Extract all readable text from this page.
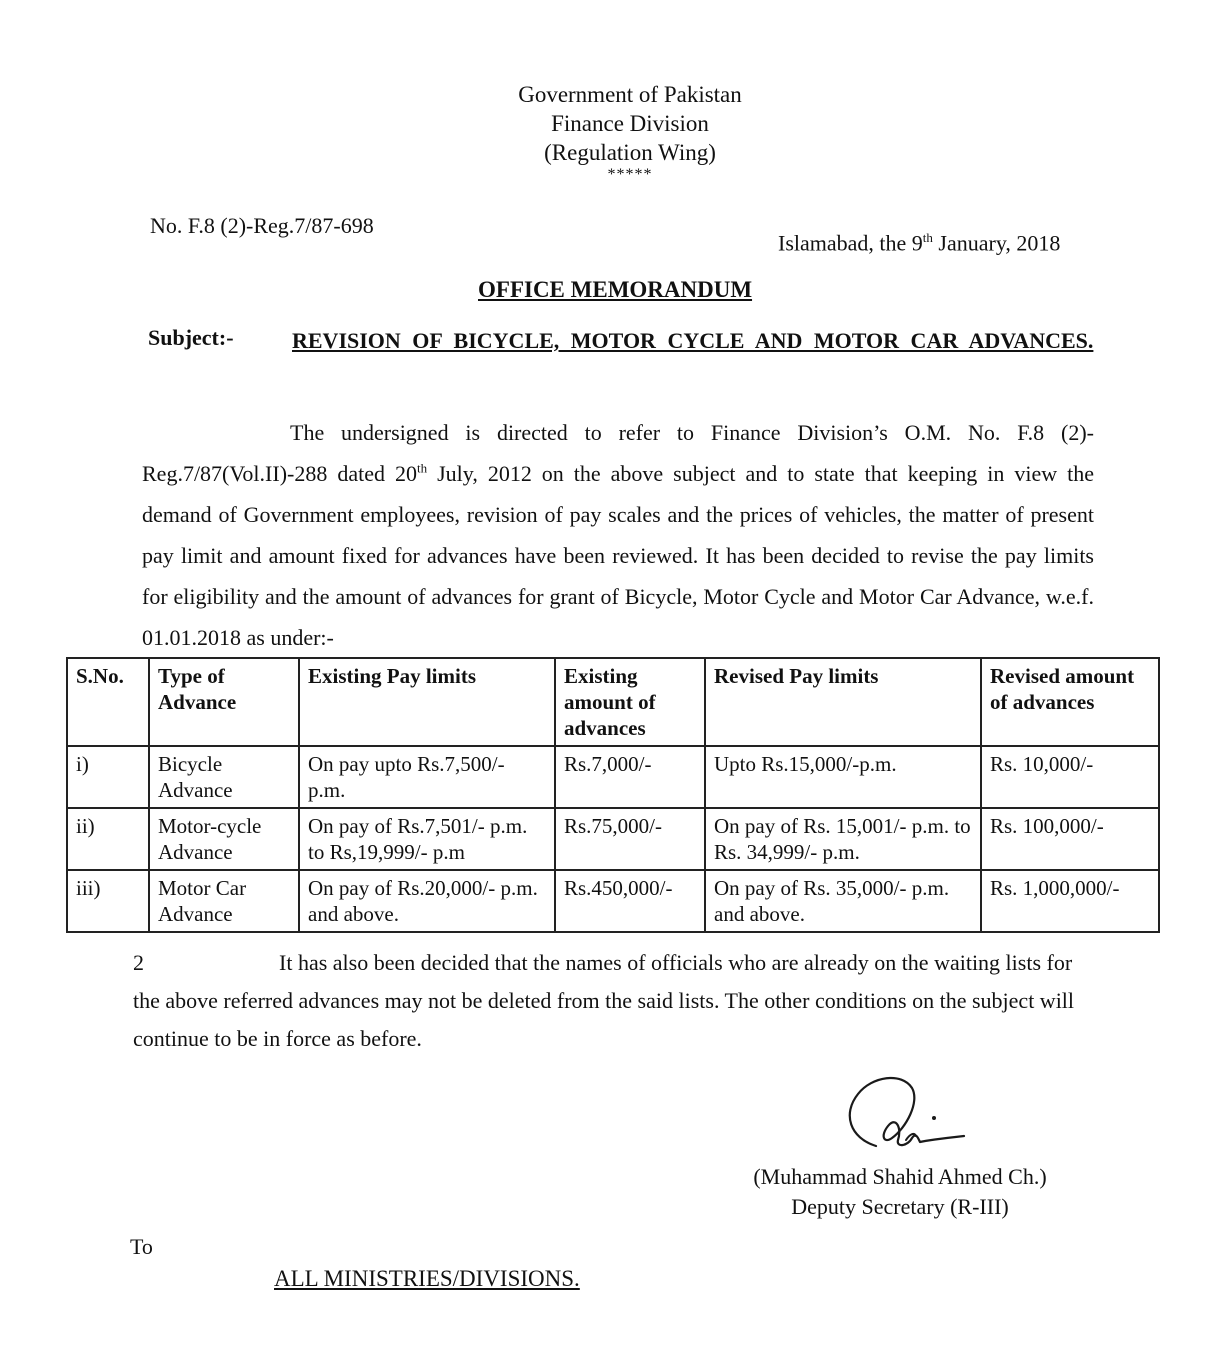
Government of Pakistan
Finance Division
(Regulation Wing)
*****
No. F.8 (2)-Reg.7/87-698
Islamabad, the 9th January, 2018
OFFICE MEMORANDUM
Subject:-	REVISION OF BICYCLE, MOTOR CYCLE AND MOTOR CAR ADVANCES.
The undersigned is directed to refer to Finance Division’s O.M. No. F.8 (2)-Reg.7/87(Vol.II)-288 dated 20th July, 2012 on the above subject and to state that keeping in view the demand of Government employees, revision of pay scales and the prices of vehicles, the matter of present pay limit and amount fixed for advances have been reviewed. It has been decided to revise the pay limits for eligibility and the amount of advances for grant of Bicycle, Motor Cycle and Motor Car Advance, w.e.f. 01.01.2018 as under:-
S.No.	Type of Advance	Existing Pay limits	Existing amount of advances	Revised Pay limits	Revised amount of advances
i)	Bicycle Advance	On pay upto Rs.7,500/- p.m.	Rs.7,000/-	Upto Rs.15,000/-p.m.	Rs. 10,000/-
ii)	Motor-cycle Advance	On pay of Rs.7,501/- p.m. to Rs,19,999/- p.m	Rs.75,000/-	On pay of Rs. 15,001/- p.m. to Rs. 34,999/- p.m.	Rs. 100,000/-
iii)	Motor Car Advance	On pay of Rs.20,000/- p.m. and above.	Rs.450,000/-	On pay of Rs. 35,000/- p.m. and above.	Rs. 1,000,000/-
2	It has also been decided that the names of officials who are already on the waiting lists for the above referred advances may not be deleted from the said lists. The other conditions on the subject will continue to be in force as before.
(Muhammad Shahid Ahmed Ch.)
Deputy Secretary (R-III)
To
ALL MINISTRIES/DIVISIONS.
